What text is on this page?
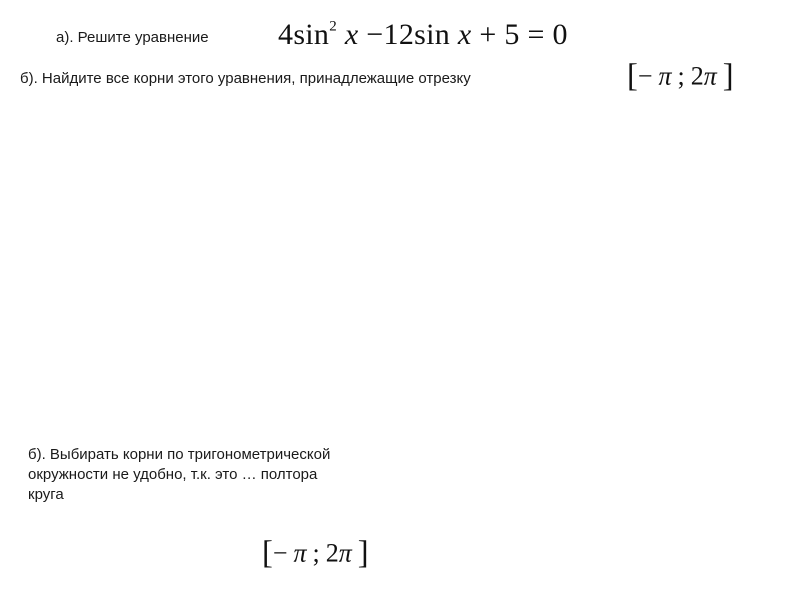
а). Решите уравнение $4\sin^2$ x −12sin x + 5 = 0
б). Найдите все корни этого уравнения, принадлежащие отрезку	[− π ; 2π ]
б). Выбирать корни по тригонометрической окружности не удобно, т.к. это … полтора круга
[− π ; 2π ]
